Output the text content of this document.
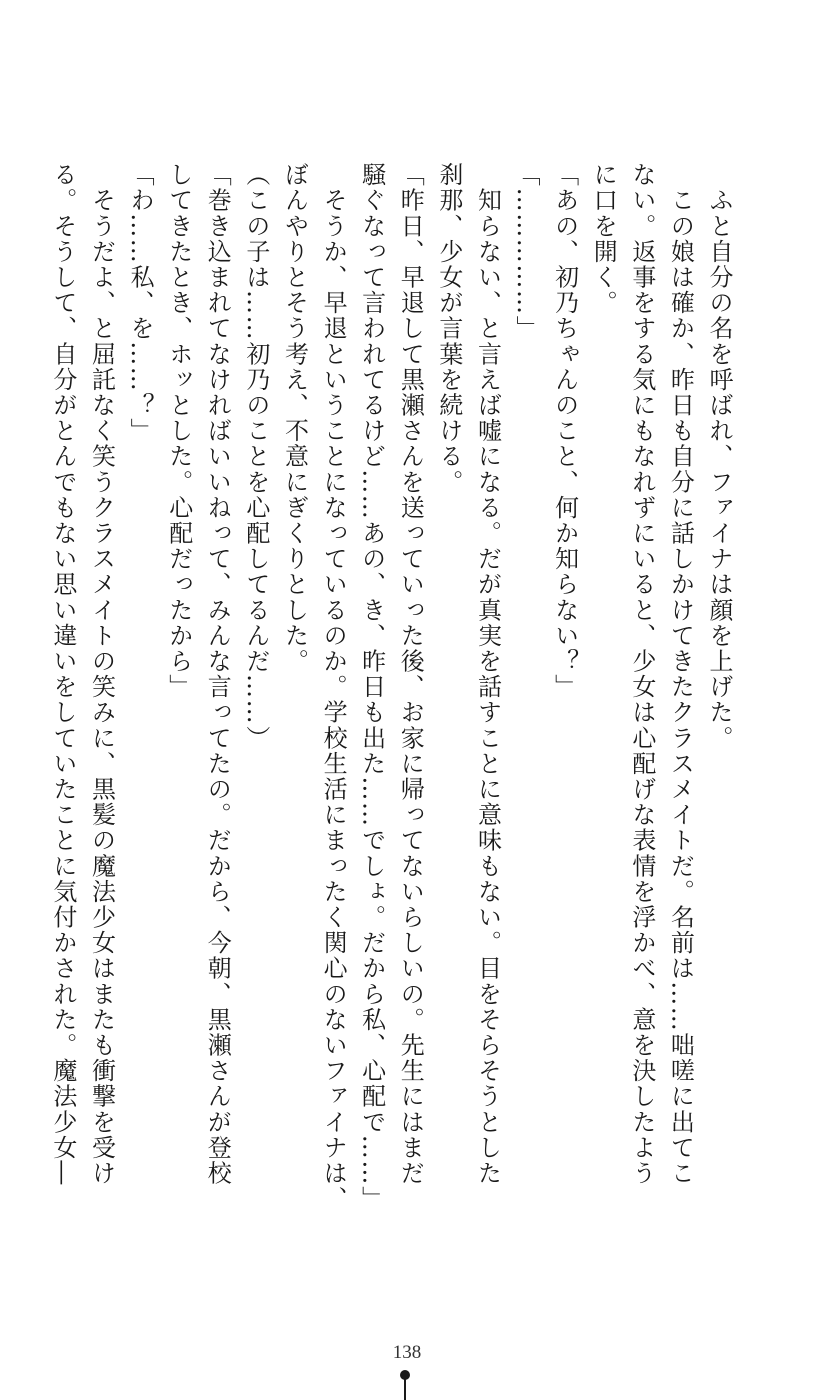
　ふと自分の名を呼ばれ、ファイナは顔を上げた。
　この娘は確か、昨日も自分に話しかけてきたクラスメイトだ。名前は……咄嗟に出てこ
ない。返事をする気にもなれずにいると、少女は心配げな表情を浮かべ、意を決したよう
に口を開く。
「あの、初乃ちゃんのこと、何か知らない？」
「……………」
　知らない、と言えば嘘になる。だが真実を話すことに意味もない。目をそらそうとした
刹那、少女が言葉を続ける。
「昨日、早退して黒瀬さんを送っていった後、お家に帰ってないらしいの。先生にはまだ
騒ぐなって言われてるけど……あの、き、昨日も出た……でしょ。だから私、心配で……」
　そうか、早退ということになっているのか。学校生活にまったく関心のないファイナは、
ぼんやりとそう考え、不意にぎくりとした。
（この子は……初乃のことを心配してるんだ……）
「巻き込まれてなければいいねって、みんな言ってたの。だから、今朝、黒瀬さんが登校
してきたとき、ホッとした。心配だったから」
「わ……私、を……？」
　そうだよ、と屈託なく笑うクラスメイトの笑みに、黒髪の魔法少女はまたも衝撃を受け
る。そうして、自分がとんでもない思い違いをしていたことに気付かされた。魔法少女―
138
